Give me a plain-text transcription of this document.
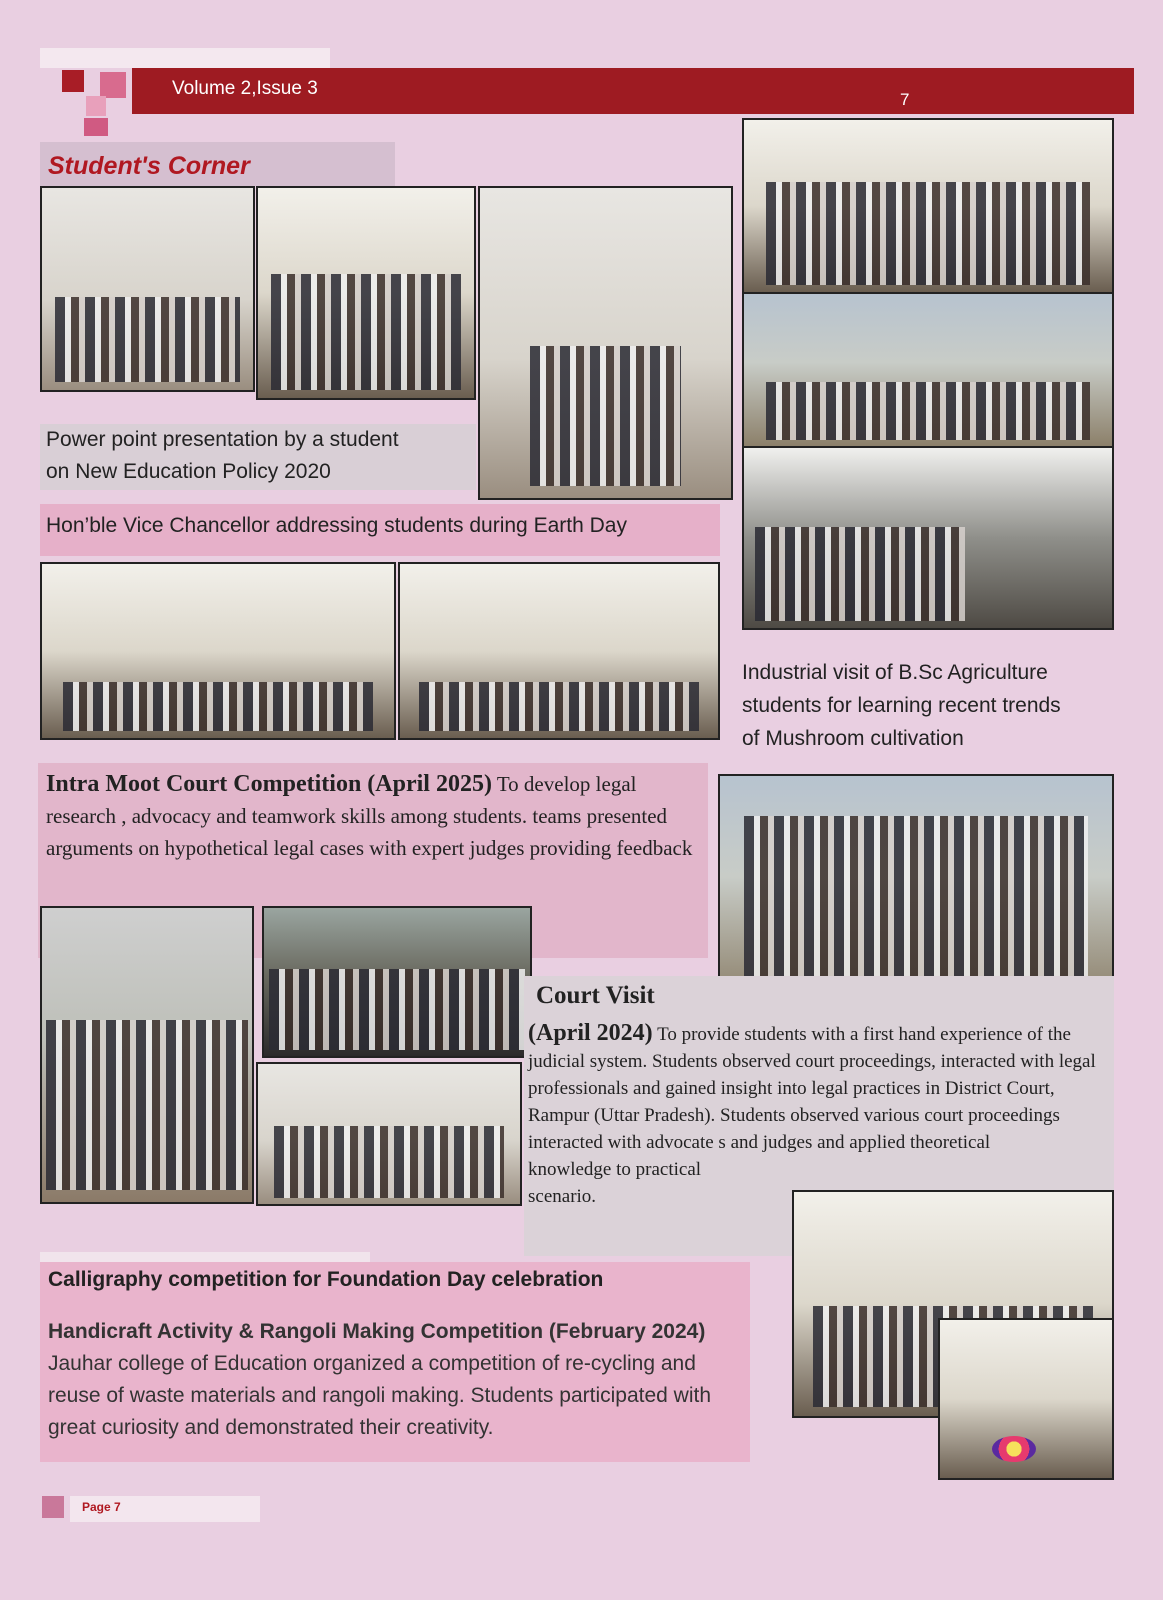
Volume 2,Issue 3
7
Student's Corner
Power point presentation by a student
on New Education Policy 2020
Hon’ble Vice Chancellor addressing students during Earth Day
Industrial visit of B.Sc Agriculture
students for learning recent trends
of Mushroom cultivation
Intra Moot Court Competition (April 2025) To develop legal research , advocacy and teamwork skills among students. teams presented arguments on hypothetical legal cases with expert judges providing feedback
Court Visit
(April 2024) To provide students with a first hand experience of the judicial system. Students observed court proceedings, interacted with legal professionals and gained insight into legal practices in District Court, Rampur (Uttar Pradesh). Students observed various court proceedings interacted with advocate s and judges and applied theoretical
knowledge to practical
scenario.
Calligraphy competition for Foundation Day celebration
Handicraft Activity & Rangoli Making Competition (February 2024) Jauhar college of Education organized a competition of re-cycling and reuse of waste materials and rangoli making. Students participated with great curiosity and demonstrated their creativity.
Page 7
